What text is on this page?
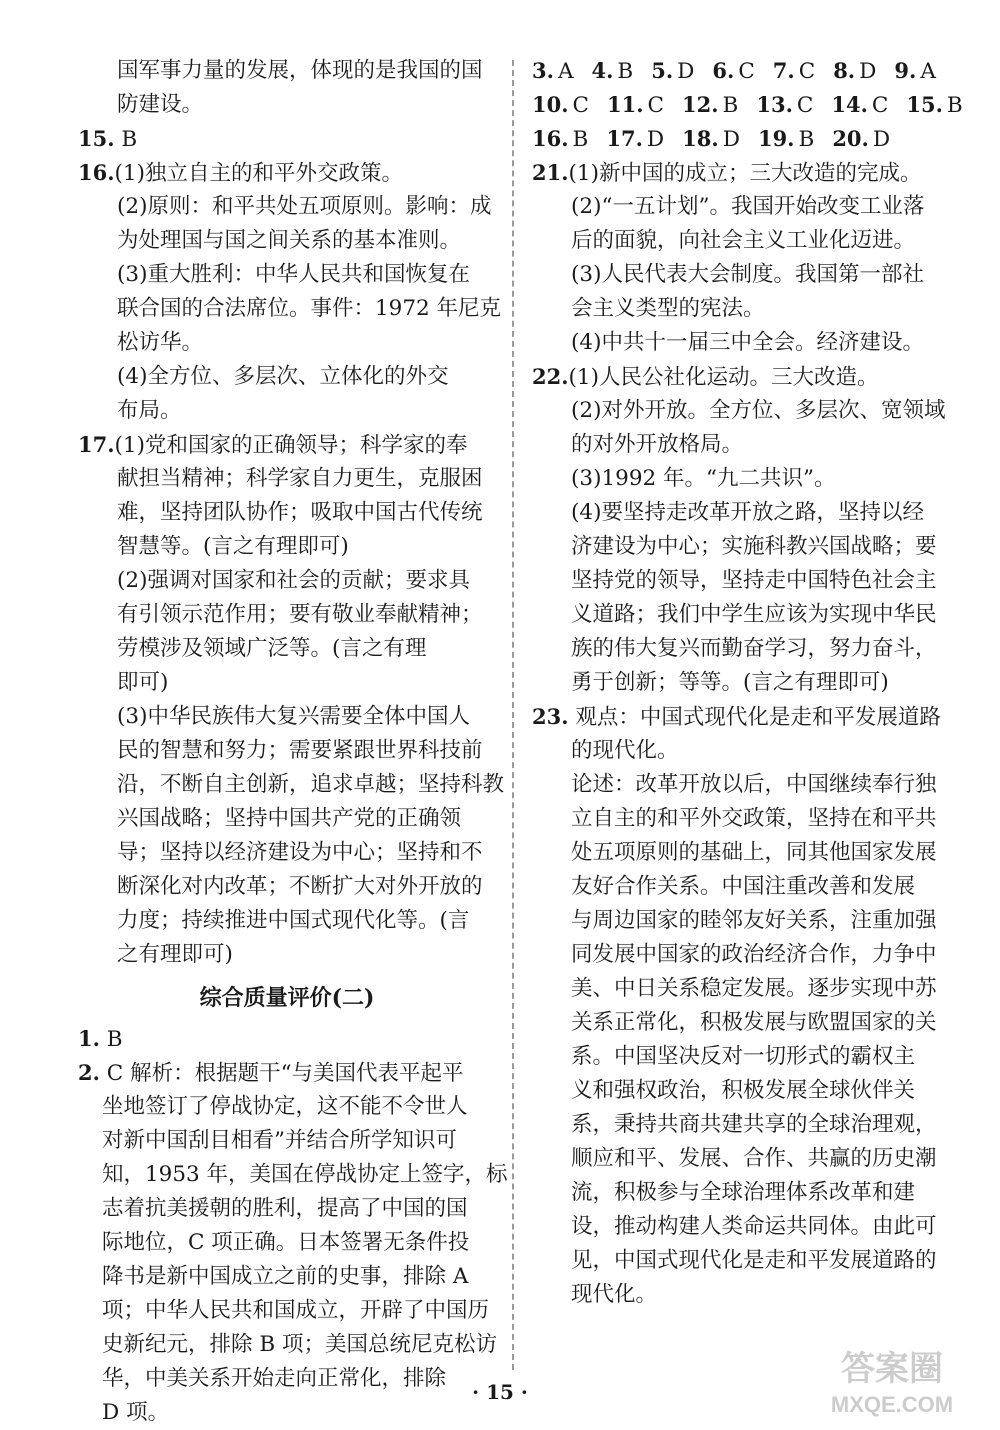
国军事力量的发展，体现的是我国的国
防建设。
15. B
16.(1)独立自主的和平外交政策。
(2)原则：和平共处五项原则。影响：成
为处理国与国之间关系的基本准则。
(3)重大胜利：中华人民共和国恢复在
联合国的合法席位。事件：1972 年尼克
松访华。
(4)全方位、多层次、立体化的外交
布局。
17.(1)党和国家的正确领导；科学家的奉
献担当精神；科学家自力更生，克服困
难，坚持团队协作；吸取中国古代传统
智慧等。(言之有理即可)
(2)强调对国家和社会的贡献；要求具
有引领示范作用；要有敬业奉献精神；
劳模涉及领域广泛等。(言之有理
即可)
(3)中华民族伟大复兴需要全体中国人
民的智慧和努力；需要紧跟世界科技前
沿，不断自主创新，追求卓越；坚持科教
兴国战略；坚持中国共产党的正确领
导；坚持以经济建设为中心；坚持和不
断深化对内改革；不断扩大对外开放的
力度；持续推进中国式现代化等。(言
之有理即可)
综合质量评价(二)
1. B
2. C 解析：根据题干“与美国代表平起平
坐地签订了停战协定，这不能不令世人
对新中国刮目相看”并结合所学知识可
知，1953 年，美国在停战协定上签字，标
志着抗美援朝的胜利，提高了中国的国
际地位，C 项正确。日本签署无条件投
降书是新中国成立之前的史事，排除 A
项；中华人民共和国成立，开辟了中国历
史新纪元，排除 B 项；美国总统尼克松访
华，中美关系开始走向正常化，排除
D 项。
3. A 4. B 5. D 6. C 7. C 8. D 9. A
10. C 11. C 12. B 13. C 14. C 15. B
16. B 17. D 18. D 19. B 20. D
21.(1)新中国的成立；三大改造的完成。
(2)“一五计划”。我国开始改变工业落
后的面貌，向社会主义工业化迈进。
(3)人民代表大会制度。我国第一部社
会主义类型的宪法。
(4)中共十一届三中全会。经济建设。
22.(1)人民公社化运动。三大改造。
(2)对外开放。全方位、多层次、宽领域
的对外开放格局。
(3)1992 年。“九二共识”。
(4)要坚持走改革开放之路，坚持以经
济建设为中心；实施科教兴国战略；要
坚持党的领导，坚持走中国特色社会主
义道路；我们中学生应该为实现中华民
族的伟大复兴而勤奋学习，努力奋斗，
勇于创新；等等。(言之有理即可)
23. 观点：中国式现代化是走和平发展道路
的现代化。
论述：改革开放以后，中国继续奉行独
立自主的和平外交政策，坚持在和平共
处五项原则的基础上，同其他国家发展
友好合作关系。中国注重改善和发展
与周边国家的睦邻友好关系，注重加强
同发展中国家的政治经济合作，力争中
美、中日关系稳定发展。逐步实现中苏
关系正常化，积极发展与欧盟国家的关
系。中国坚决反对一切形式的霸权主
义和强权政治，积极发展全球伙伴关
系，秉持共商共建共享的全球治理观，
顺应和平、发展、合作、共赢的历史潮
流，积极参与全球治理体系改革和建
设，推动构建人类命运共同体。由此可
见，中国式现代化是走和平发展道路的
现代化。
· 15 ·
答案圈
MXQE.COM
